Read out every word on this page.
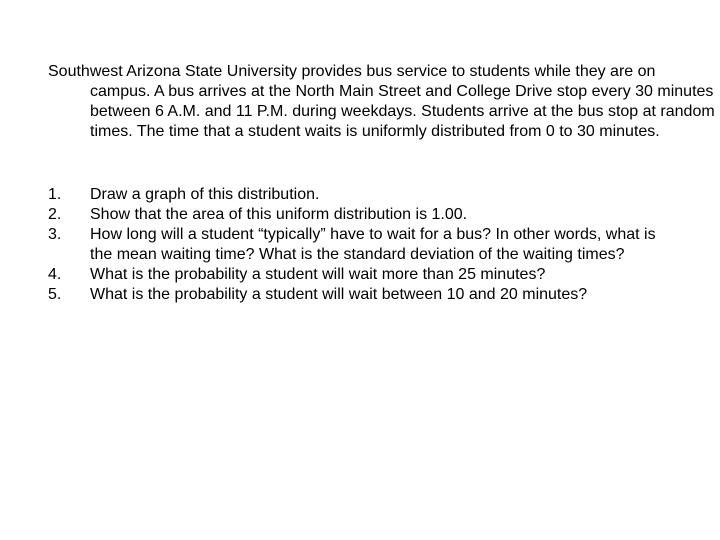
Southwest Arizona State University provides bus service to students while they are on campus. A bus arrives at the North Main Street and College Drive stop every 30 minutes between 6 A.M. and 11 P.M. during weekdays. Students arrive at the bus stop at random times. The time that a student waits is uniformly distributed from 0 to 30 minutes.

1.	Draw a graph of this distribution.
2.	Show that the area of this uniform distribution is 1.00.
3.	How long will a student “typically” have to wait for a bus? In other words, what is the mean waiting time? What is the standard deviation of the waiting times?
4.	What is the probability a student will wait more than 25 minutes?
5.	What is the probability a student will wait between 10 and 20 minutes?
